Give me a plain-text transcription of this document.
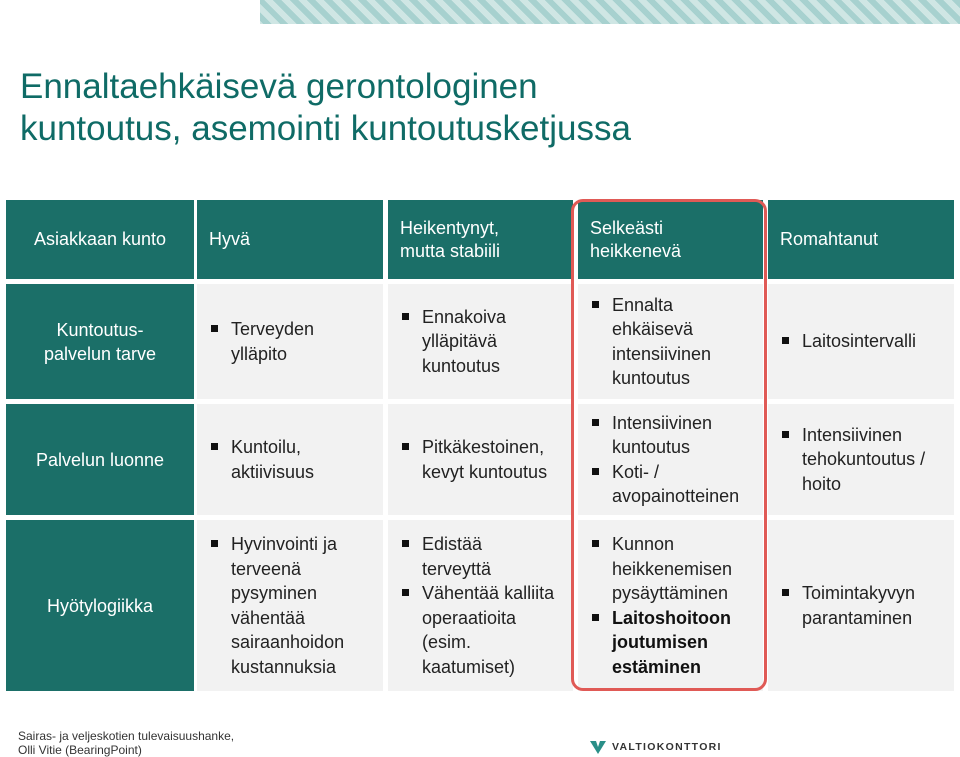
Ennaltaehkäisevä gerontologinen
kuntoutus, asemointi kuntoutusketjussa
Asiakkaan kunto Hyvä
Heikentynyt,
mutta stabiili
Selkeästi
heikkenevä
Romahtanut
Kuntoutus-
palvelun tarve
Terveyden
ylläpito
Ennakoiva
ylläpitävä
kuntoutus
Ennalta
ehkäisevä
intensiivinen
kuntoutus
Laitosintervalli
Palvelun luonne
Kuntoilu,
aktiivisuus
Pitkäkestoinen,
kevyt kuntoutus
Intensiivinen
kuntoutus
Koti- /
avopainotteinen
Intensiivinen
tehokuntoutus /
hoito
Hyötylogiikka
Hyvinvointi ja
terveenä
pysyminen
vähentää
sairaanhoidon
kustannuksia
Edistää
terveyttä
Vähentää kalliita
operaatioita
(esim.
kaatumiset)
Kunnon
heikkenemisen
pysäyttäminen
Laitoshoitoon
joutumisen
estäminen
Toimintakyvyn
parantaminen
Sairas- ja veljeskotien tulevaisuushanke,
Olli Vitie (BearingPoint)	VALTIOKONTTORI
